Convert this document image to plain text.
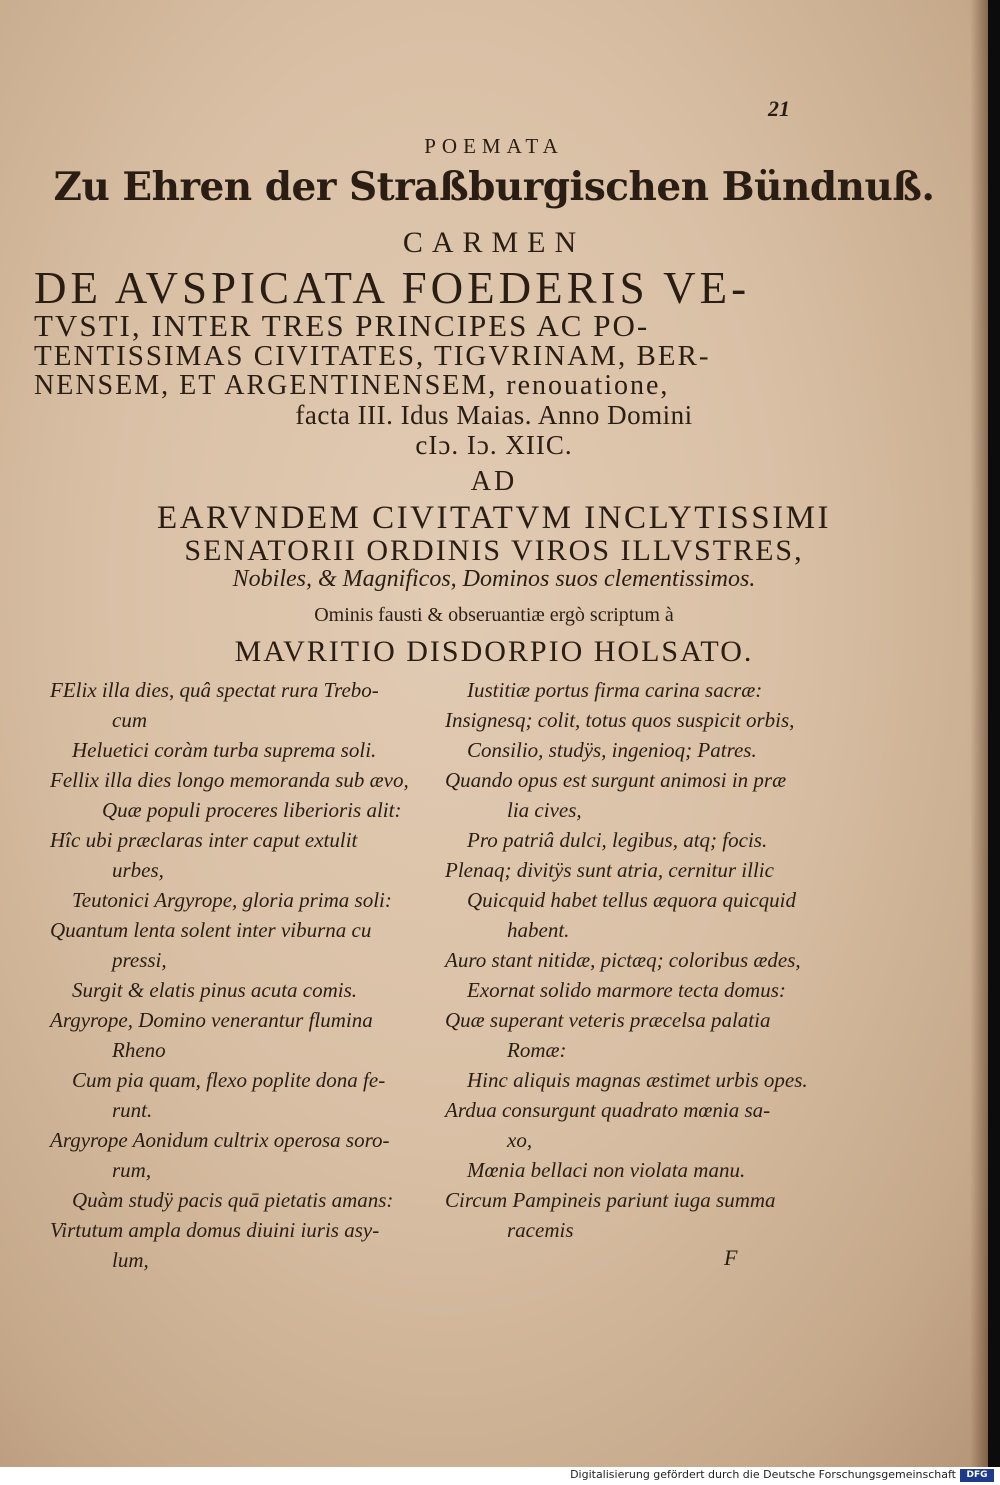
21
POEMATA
Zu Ehren der Straßburgischen Bündnuß.
CARMEN
DE AVSPICATA FOEDERIS VE-
TVSTI, INTER TRES PRINCIPES AC PO-
TENTISSIMAS CIVITATES, TIGVRINAM, BER-
NENSEM, ET ARGENTINENSEM, renouatione,
facta III. Idus Maias. Anno Domini
cIɔ. Iɔ. XIIC.
AD
EARVNDEM CIVITATVM INCLYTISSIMI
SENATORII ORDINIS VIROS ILLVSTRES,
Nobiles, & Magnificos, Dominos suos clementissimos.
Ominis fausti & obseruantiæ ergò scriptum à
MAVRITIO DISDORPIO HOLSATO.
FElix illa dies, quâ spectat rura Trebo-
cum
Heluetici coràm turba suprema soli.
Fellix illa dies longo memoranda sub ævo,
Quæ populi proceres liberioris alit:
Hîc ubi præclaras inter caput extulit
urbes,
Teutonici Argyrope, gloria prima soli:
Quantum lenta solent inter viburna cu
pressi,
Surgit & elatis pinus acuta comis.
Argyrope, Domino venerantur flumina
Rheno
Cum pia quam, flexo poplite dona fe-
runt.
Argyrope Aonidum cultrix operosa soro-
rum,
Quàm studÿ pacis quā pietatis amans:
Virtutum ampla domus diuini iuris asy-
lum,
Iustitiæ portus firma carina sacræ:
Insignesq; colit, totus quos suspicit orbis,
Consilio, studÿs, ingenioq; Patres.
Quando opus est surgunt animosi in præ
lia cives,
Pro patriâ dulci, legibus, atq; focis.
Plenaq; divitÿs sunt atria, cernitur illic
Quicquid habet tellus æquora quicquid
habent.
Auro stant nitidæ, pictæq; coloribus ædes,
Exornat solido marmore tecta domus:
Quæ superant veteris præcelsa palatia
Romæ:
Hinc aliquis magnas æstimet urbis opes.
Ardua consurgunt quadrato mœnia sa-
xo,
Mœnia bellaci non violata manu.
Circum Pampineis pariunt iuga summa
racemis
F
Digitalisierung gefördert durch die Deutsche Forschungsgemeinschaft	DFG
